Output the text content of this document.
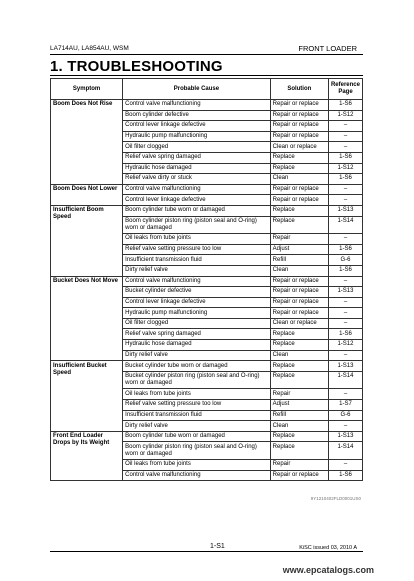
LA714AU, LA854AU, WSM	FRONT LOADER
1. TROUBLESHOOTING
Symptom	Probable Cause	Solution	Reference Page
Boom Does Not Rise	Control valve malfunctioning	Repair or replace	1-S6
	Boom cylinder defective	Repair or replace	1-S12
	Control lever linkage defective	Repair or replace	–
	Hydraulic pump malfunctioning	Repair or replace	–
	Oil filter clogged	Clean or replace	–
	Relief valve spring damaged	Replace	1-S6
	Hydraulic hose damaged	Replace	1-S12
	Relief valve dirty or stuck	Clean	1-S6
Boom Does Not Lower	Control valve malfunctioning	Repair or replace	–
	Control lever linkage defective	Repair or replace	–
Insufficient Boom Speed	Boom cylinder tube worn or damaged	Replace	1-S13
	Boom cylinder piston ring (piston seal and O-ring) worn or damaged	Replace	1-S14
	Oil leaks from tube joints	Repair	–
	Relief valve setting pressure too low	Adjust	1-S6
	Insufficient transmission fluid	Refill	G-6
	Dirty relief valve	Clean	1-S6
Bucket Does Not Move	Control valve malfunctioning	Repair or replace	–
	Bucket cylinder defective	Repair or replace	1-S13
	Control lever linkage defective	Repair or replace	–
	Hydraulic pump malfunctioning	Repair or replace	–
	Oil filter clogged	Clean or replace	–
	Relief valve spring damaged	Replace	1-S6
	Hydraulic hose damaged	Replace	1-S12
	Dirty relief valve	Clean	–
Insufficient Bucket Speed	Bucket cylinder tube worn or damaged	Replace	1-S13
	Bucket cylinder piston ring (piston seal and O-ring) worn or damaged	Replace	1-S14
	Oil leaks from tube joints	Repair	–
	Relief valve setting pressure too low	Adjust	1-S7
	Insufficient transmission fluid	Refill	G-6
	Dirty relief valve	Clean	–
Front End Loader Drops by Its Weight	Boom cylinder tube worn or damaged	Replace	1-S13
	Boom cylinder piston ring (piston seal and O-ring) worn or damaged	Replace	1-S14
	Oil leaks from tube joints	Repair	–
	Control valve malfunctioning	Repair or replace	1-S6
9Y1210402FLD0001US0
1-S1	KiSC issued 03, 2010 A
www.epcatalogs.com
